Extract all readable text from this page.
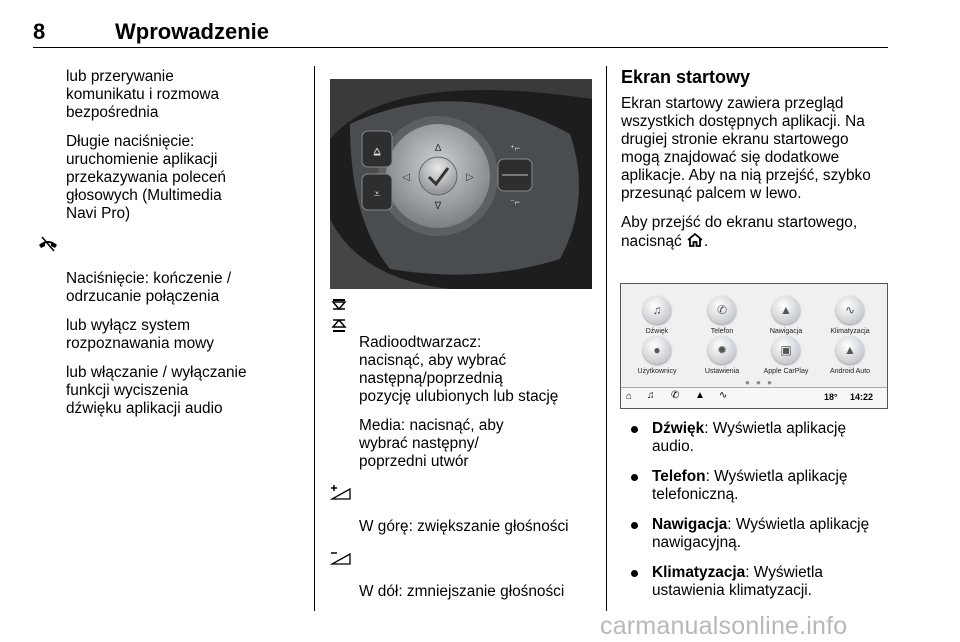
8	Wprowadzenie

lub przerywanie
komunikatu i rozmowa
bezpośrednia

Długie naciśnięcie:
uruchomienie aplikacji
przekazywania poleceń
głosowych (Multimedia
Navi Pro)

Naciśnięcie: kończenie /
odrzucanie połączenia

lub wyłącz system
rozpoznawania mowy

lub włączanie / wyłączanie
funkcji wyciszenia
dźwięku aplikacji audio

∆
∇
◁	▷
⩠
⩡
⁺⌐
⁻⌐

Radioodtwarzacz:
nacisnąć, aby wybrać
następną/poprzednią
pozycję ulubionych lub stację

Media: nacisnąć, aby
wybrać następny/
poprzedni utwór

W górę: zwiększanie głośności

W dół: zmniejszanie głośności

Ekran startowy

Ekran startowy zawiera przegląd
wszystkich dostępnych aplikacji. Na
drugiej stronie ekranu startowego
mogą znajdować się dodatkowe
aplikacje. Aby na nią przejść, szybko
przesunąć palcem w lewo.

Aby przejść do ekranu startowego,
nacisnąć .

♫
Dźwięk
✆
Telefon
▲
Nawigacja
∿
Klimatyzacja
●
Użytkownicy
✹
Ustawienia
▣
Apple CarPlay
▲
Android Auto
● ● ●
⌂ ♫ ✆ ▲ ∿	18° 14:22
Dźwięk: Wyświetla aplikację
audio.
Telefon: Wyświetla aplikację
telefoniczną.
Nawigacja: Wyświetla aplikację
nawigacyjną.
Klimatyzacja: Wyświetla
ustawienia klimatyzacji.
carmanualsonline.info
